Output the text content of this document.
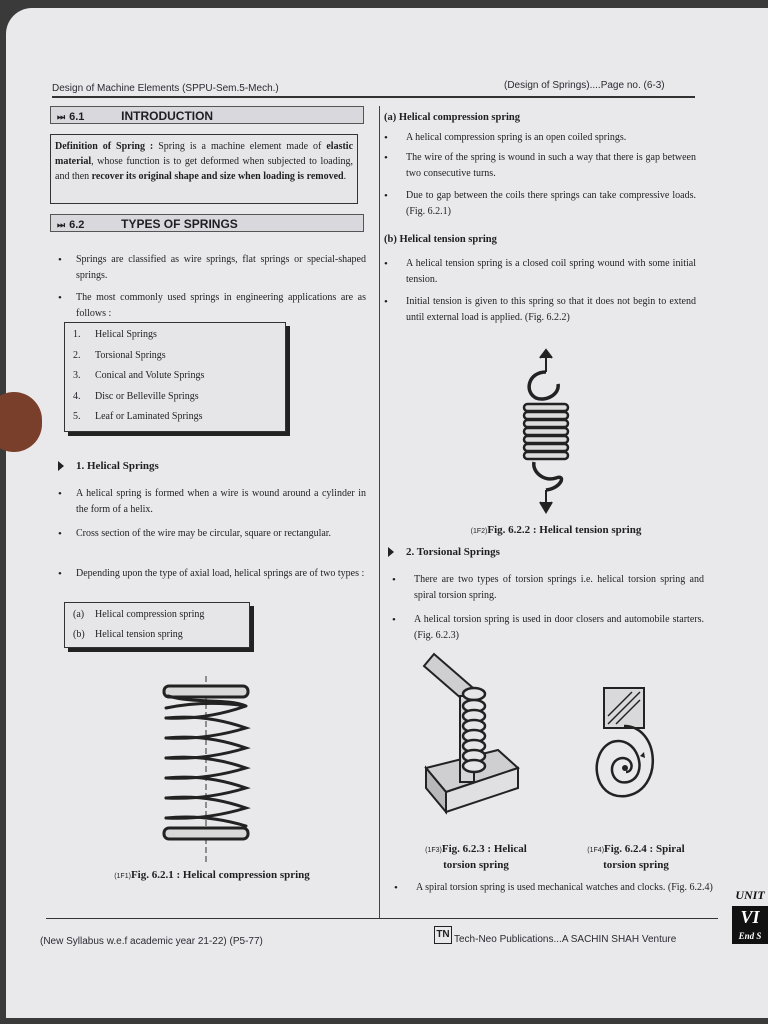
Design of Machine Elements (SPPU-Sem.5-Mech.)	(Design of Springs)....Page no. (6-3)
⏭ 6.1	INTRODUCTION
Definition of Spring : Spring is a machine element made of elastic material, whose function is to get deformed when subjected to loading, and then recover its original shape and size when loading is removed.
⏭ 6.2	TYPES OF SPRINGS
• Springs are classified as wire springs, flat springs or special-shaped springs.
• The most commonly used springs in engineering applications are as follows :
1. Helical Springs
2. Torsional Springs
3. Conical and Volute Springs
4. Disc or Belleville Springs
5. Leaf or Laminated Springs
1. Helical Springs
• A helical spring is formed when a wire is wound around a cylinder in the form of a helix.
• Cross section of the wire may be circular, square or rectangular.
• Depending upon the type of axial load, helical springs are of two types :
(a) Helical compression spring
(b) Helical tension spring
(1F1)Fig. 6.2.1 : Helical compression spring
(a) Helical compression spring
• A helical compression spring is an open coiled springs.
• The wire of the spring is wound in such a way that there is gap between two consecutive turns.
• Due to gap between the coils there springs can take compressive loads. (Fig. 6.2.1)
(b) Helical tension spring
• A helical tension spring is a closed coil spring wound with some initial tension.
• Initial tension is given to this spring so that it does not begin to extend until external load is applied. (Fig. 6.2.2)
(1F2)Fig. 6.2.2 : Helical tension spring
2. Torsional Springs
• There are two types of torsion springs i.e. helical torsion spring and spiral torsion spring.
• A helical torsion spring is used in door closers and automobile starters. (Fig. 6.2.3)
(1F3)Fig. 6.2.3 : Helical
torsion spring
(1F4)Fig. 6.2.4 : Spiral
torsion spring
• A spiral torsion spring is used mechanical watches and clocks. (Fig. 6.2.4)
(New Syllabus w.e.f academic year 21-22) (P5-77)
TN Tech-Neo Publications...A SACHIN SHAH Venture
UNIT
VI
End S
